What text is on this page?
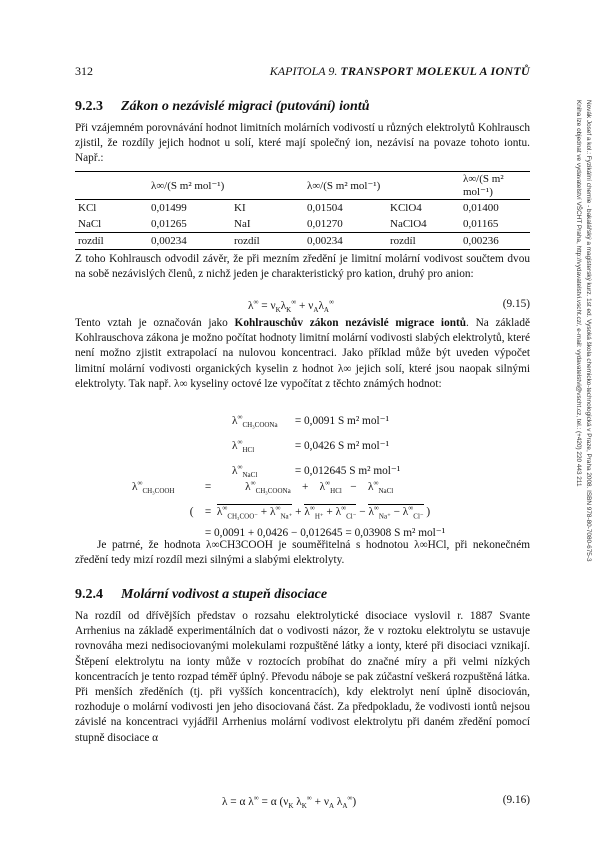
312	KAPITOLA 9. TRANSPORT MOLEKUL A IONTŮ
Novák Josef a kol.: Fyzikální chemie - bakalářský a magisterský kurz. 1st ed. Vysoká škola chemicko-technologická v Praze, Praha 2008. ISBN 978-80-7080-675-3
Kniha lze objednat ve vydavatelství VŠCHT Praha, http://vydavatelstvi.vscht.cz/, e-mail: vydavatelstvi@vscht.cz, tel.: (+420) 220 443 211
9.2.3 Zákon o nezávislé migraci (putování) iontů
Při vzájemném porovnávání hodnot limitních molárních vodivostí u různých elektrolytů Kohlrausch zjistil, že rozdíly jejich hodnot u solí, které mají společný ion, nezávisí na povaze tohoto iontu. Např.:
	λ∞/(S m² mol⁻¹)		λ∞/(S m² mol⁻¹)		λ∞/(S m² mol⁻¹)
KCl	0,01499	KI	0,01504	KClO4	0,01400
NaCl	0,01265	NaI	0,01270	NaClO4	0,01165
rozdíl	0,00234	rozdíl	0,00234	rozdíl	0,00236
Z toho Kohlrausch odvodil závěr, že při mezním zředění je limitní molární vodivost součtem dvou na sobě nezávislých členů, z nichž jeden je charakteristický pro kation, druhý pro anion:
$\lambda^\infty = \nu_K\lambda_K^\infty + \nu_A\lambda_A^\infty$	(9.15)
Tento vztah je označován jako Kohlrauschův zákon nezávislé migrace iontů. Na základě Kohlrauschova zákona je možno počítat hodnoty limitní molární vodivosti slabých elektrolytů, které není možno zjistit extrapolací na nulovou koncentraci. Jako příklad může být uveden výpočet limitní molární vodivosti organických kyselin z hodnot λ∞ jejich solí, které jsou naopak silnými elektrolyty. Tak např. λ∞ kyseliny octové lze vypočítat z těchto známých hodnot:
$\lambda^\infty_{CH_3COONa} = 0,0091$ S m² mol⁻¹
$\lambda^\infty_{HCl}$	= 0,0426 S m² mol⁻¹
$\lambda^\infty_{NaCl}$	= 0,012645 S m² mol⁻¹
$\lambda^\infty_{CH_3COOH}$ =            $\lambda^\infty_{CH_3COONa}$    +    $\lambda^\infty_{HCl}$   −    $\lambda^\infty_{NaCl}$
(    =  $\lambda^\infty_{CH_3COO^-} + \lambda^\infty_{Na^+} + \lambda^\infty_{H^+} + \lambda^\infty_{Cl^-} - \lambda^\infty_{Na^+} - \lambda^\infty_{Cl^-}$ )
= 0,0091 + 0,0426 − 0,012645 = 0,03908 S m² mol⁻¹
Je patrné, že hodnota λ∞CH3COOH je souměřitelná s hodnotou λ∞HCl, při nekonečném zředění tedy mizí rozdíl mezi silnými a slabými elektrolyty.
9.2.4 Molární vodivost a stupeň disociace
Na rozdíl od dřívějších představ o rozsahu elektrolytické disociace vyslovil r. 1887 Svante Arrhenius na základě experimentálních dat o vodivosti názor, že v roztoku elektrolytu se ustavuje rovnováha mezi nedisociovanými molekulami rozpuštěné látky a ionty, které při disociaci vznikají. Štěpení elektrolytu na ionty může v roztocích probíhat do značné míry a při velmi nízkých koncentracích je tento rozpad téměř úplný. Převodu náboje se pak zúčastní veškerá rozpuštěná látka. Při menších zředěních (tj. při vyšších koncentracích), kdy elektrolyt není úplně disociován, rozhoduje o molární vodivosti jen jeho disociovaná část. Za předpokladu, že vodivosti iontů nejsou závislé na koncentraci vyjádřil Arrhenius molární vodivost elektrolytu při daném zředění pomocí stupně disociace α
λ = α λ∞ = α ($\nu_K$ $\lambda_K^\infty + \nu_A$ $\lambda_A^\infty$)	(9.16)
